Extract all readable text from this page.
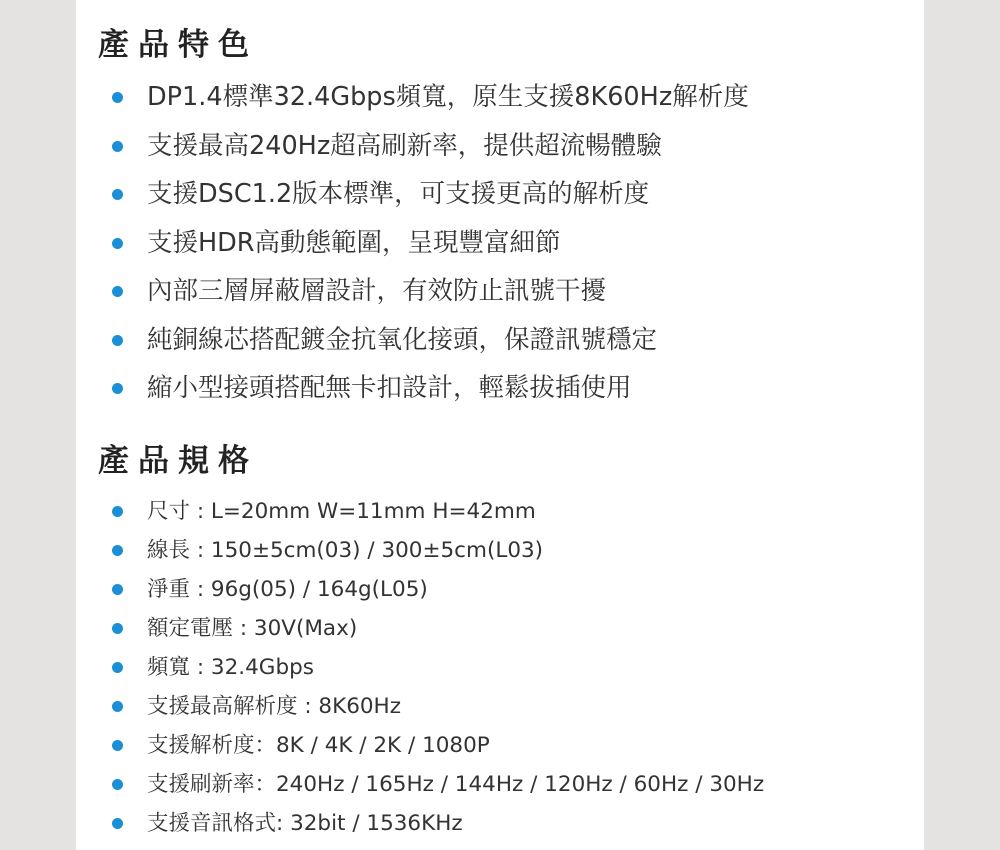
產品特色
DP1.4標準32.4Gbps頻寬，原生支援8K60Hz解析度
支援最高240Hz超高刷新率，提供超流暢體驗
支援DSC1.2版本標準，可支援更高的解析度
支援HDR高動態範圍，呈現豐富細節
內部三層屏蔽層設計，有效防止訊號干擾
純銅線芯搭配鍍金抗氧化接頭，保證訊號穩定
縮小型接頭搭配無卡扣設計，輕鬆拔插使用
產品規格
尺寸 : L=20mm W=11mm H=42mm
線長 : 150±5cm(03) / 300±5cm(L03)
淨重 : 96g(05) / 164g(L05)
額定電壓 : 30V(Max)
頻寬 : 32.4Gbps
支援最高解析度 : 8K60Hz
支援解析度：8K / 4K / 2K / 1080P
支援刷新率：240Hz / 165Hz / 144Hz / 120Hz / 60Hz / 30Hz
支援音訊格式: 32bit / 1536KHz
